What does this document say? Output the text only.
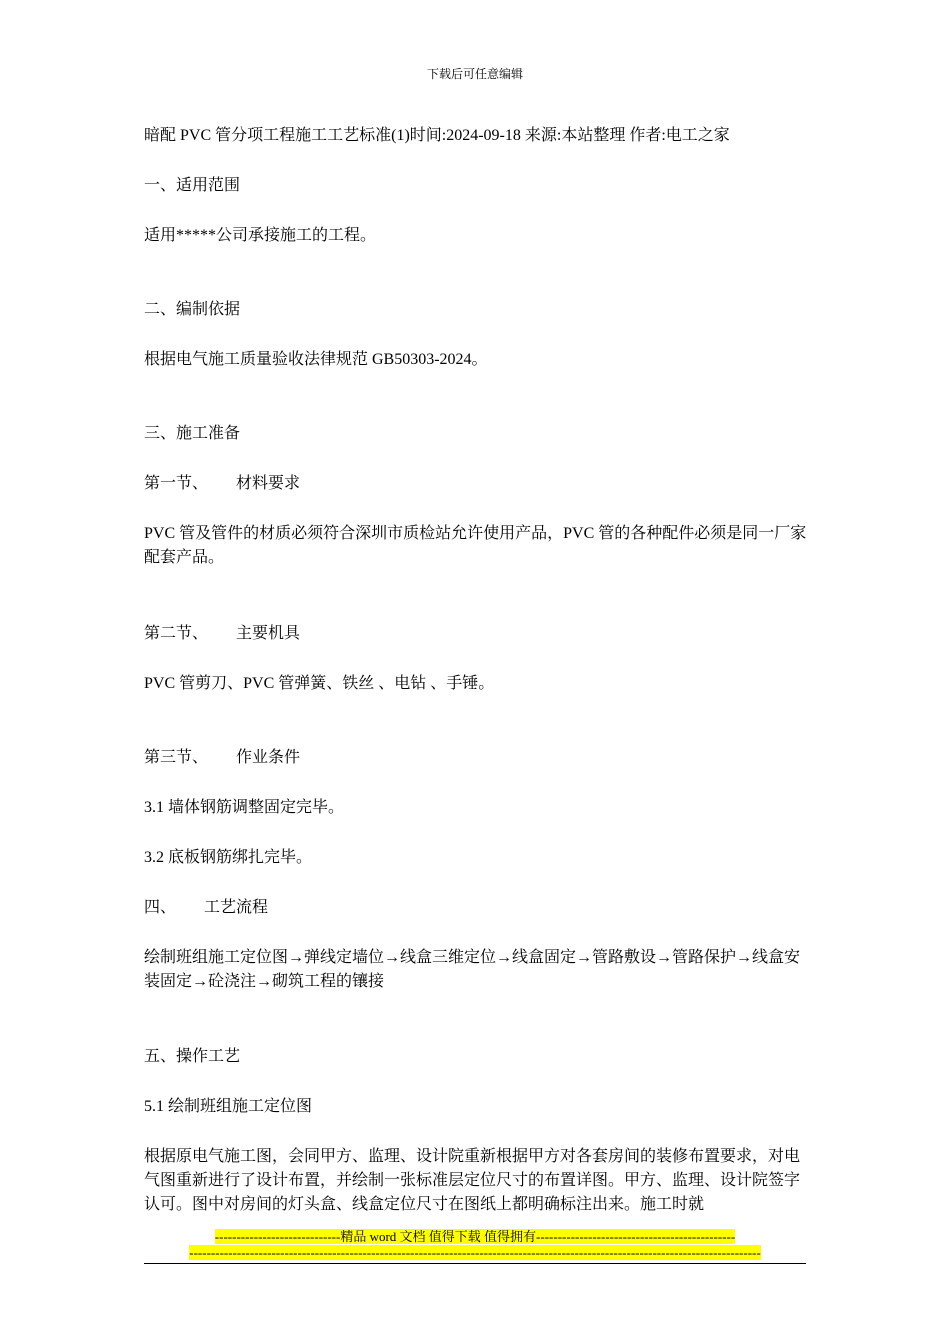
下载后可任意编辑
暗配 PVC 管分项工程施工工艺标准(1)时间:2024-09-18 来源:本站整理 作者:电工之家
一、适用范围
适用*****公司承接施工的工程。
二、编制依据
根据电气施工质量验收法律规范 GB50303-2024。
三、施工准备
第一节、 材料要求
PVC 管及管件的材质必须符合深圳市质检站允许使用产品，PVC 管的各种配件必须是同一厂家配套产品。
第二节、 主要机具
PVC 管剪刀、PVC 管弹簧、铁丝 、电钻 、手锤。
第三节、 作业条件
3.1 墙体钢筋调整固定完毕。
3.2 底板钢筋绑扎完毕。
四、 工艺流程
绘制班组施工定位图→弹线定墙位→线盒三维定位→线盒固定→管路敷设→管路保护→线盒安装固定→砼浇注→砌筑工程的镶接
五、操作工艺
5.1 绘制班组施工定位图
根据原电气施工图，会同甲方、监理、设计院重新根据甲方对各套房间的装修布置要求，对电气图重新进行了设计布置，并绘制一张标准层定位尺寸的布置详图。甲方、监理、设计院签字认可。图中对房间的灯头盒、线盒定位尺寸在图纸上都明确标注出来。施工时就
-----------------------------精品 word 文档 值得下载 值得拥有----------------------------------------------
------------------------------------------------------------------------------------------------------------------------------------
